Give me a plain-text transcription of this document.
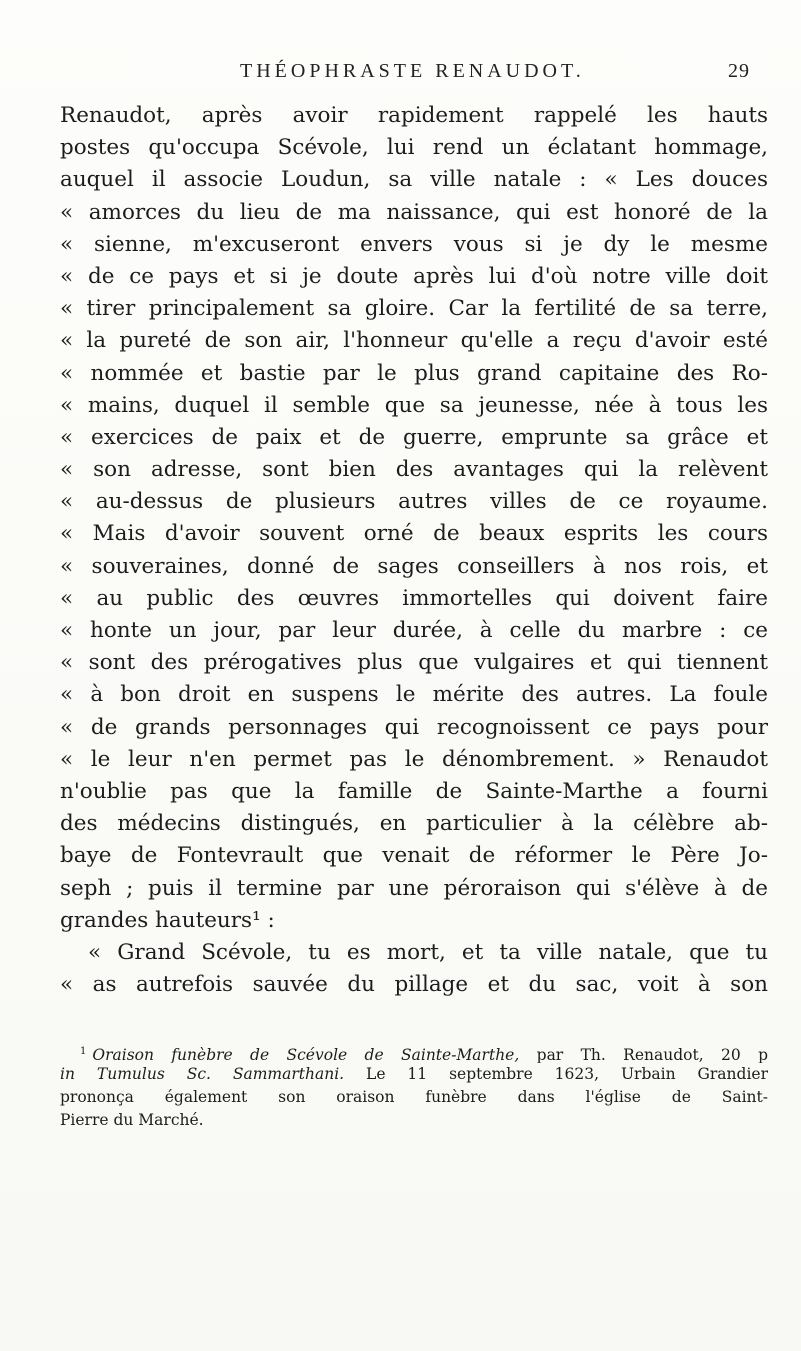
THÉOPHRASTE RENAUDOT.	29
Renaudot, après avoir rapidement rappelé les hauts
postes qu'occupa Scévole, lui rend un éclatant hommage,
auquel il associe Loudun, sa ville natale : « Les douces
« amorces du lieu de ma naissance, qui est honoré de la
« sienne, m'excuseront envers vous si je dy le mesme
« de ce pays et si je doute après lui d'où notre ville doit
« tirer principalement sa gloire. Car la fertilité de sa terre,
« la pureté de son air, l'honneur qu'elle a reçu d'avoir esté
« nommée et bastie par le plus grand capitaine des Ro-
« mains, duquel il semble que sa jeunesse, née à tous les
« exercices de paix et de guerre, emprunte sa grâce et
« son adresse, sont bien des avantages qui la relèvent
« au-dessus de plusieurs autres villes de ce royaume.
« Mais d'avoir souvent orné de beaux esprits les cours
« souveraines, donné de sages conseillers à nos rois, et
« au public des œuvres immortelles qui doivent faire
« honte un jour, par leur durée, à celle du marbre : ce
« sont des prérogatives plus que vulgaires et qui tiennent
« à bon droit en suspens le mérite des autres. La foule
« de grands personnages qui recognoissent ce pays pour
« le leur n'en permet pas le dénombrement. » Renaudot
n'oublie pas que la famille de Sainte-Marthe a fourni
des médecins distingués, en particulier à la célèbre ab-
baye de Fontevrault que venait de réformer le Père Jo-
seph ; puis il termine par une péroraison qui s'élève à de
grandes hauteurs¹ :
« Grand Scévole, tu es mort, et ta ville natale, que tu
« as autrefois sauvée du pillage et du sac, voit à son
$^1$ Oraison funèbre de Scévole de Sainte-Marthe, par Th. Renaudot, 20 p
in Tumulus Sc. Sammarthani. Le 11 septembre 1623, Urbain Grandier
prononça également son oraison funèbre dans l'église de Saint-
Pierre du Marché.
